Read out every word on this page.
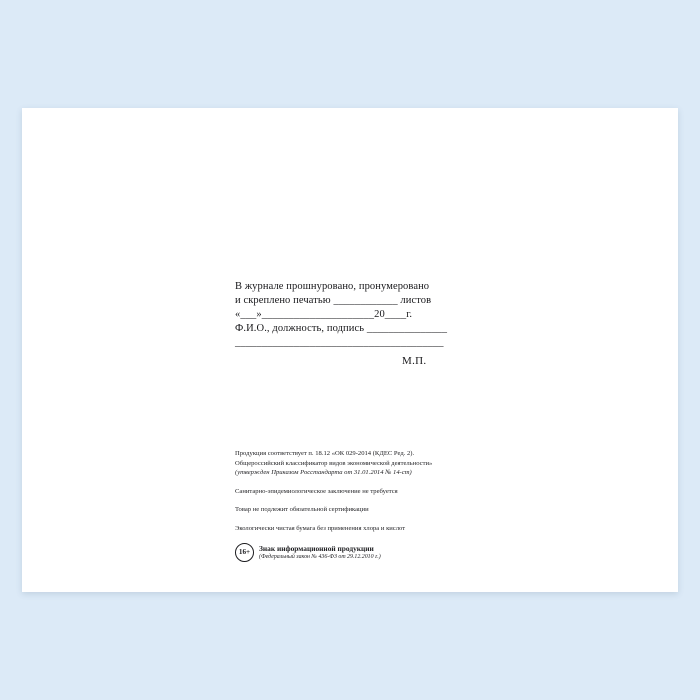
В журнале прошнуровано, пронумеровано
и скреплено печатью ____________ листов
«___»_____________________20____г.
Ф.И.О., должность, подпись _______________
_______________________________________
М.П.
Продукция соответствует п. 18.12 «ОК 029-2014 (КДЕС Ред. 2).
Общероссийский классификатор видов экономической деятельности»
(утвержден Приказом Росстандарта от 31.01.2014 № 14-ст)
Санитарно-эпидемиологическое заключение не требуется
Товар не подлежит обязательной сертификации
Экологически чистая бумага без применения хлора и кислот
16+	Знак информационной продукции
(Федеральный закон № 436-ФЗ от 29.12.2010 г.)
